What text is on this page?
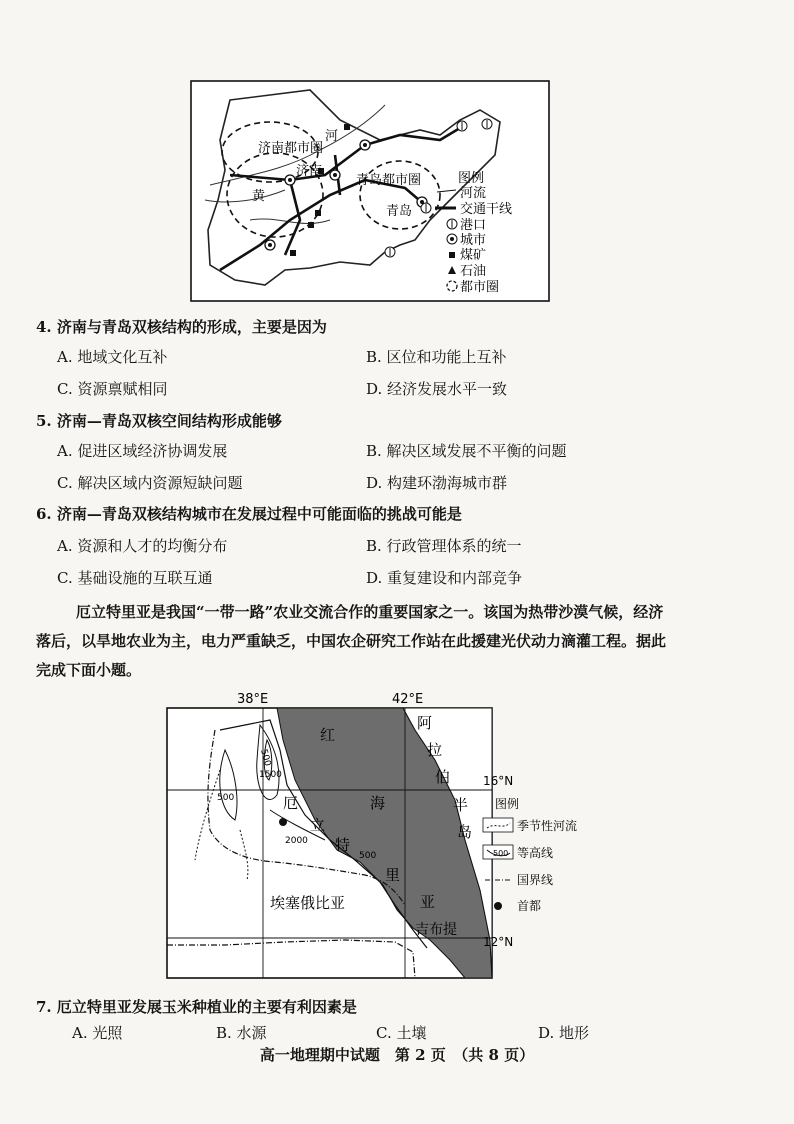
济南都市圈
河
济南
黄
青岛都市圈
青岛
图例
河流
交通干线
港口
城市
煤矿
石油
都市圈
4. 济南与青岛双核结构的形成，主要是因为
A. 地域文化互补	B. 区位和功能上互补
C. 资源禀赋相同	D. 经济发展水平一致
5. 济南—青岛双核空间结构形成能够
A. 促进区域经济协调发展	B. 解决区域发展不平衡的问题
C. 解决区域内资源短缺问题	D. 构建环渤海城市群
6. 济南—青岛双核结构城市在发展过程中可能面临的挑战可能是
A. 资源和人才的均衡分布	B. 行政管理体系的统一
C. 基础设施的互联互通	D. 重复建设和内部竞争

厄立特里亚是我国“一带一路”农业交流合作的重要国家之一。该国为热带沙漠气候，经济

落后，以旱地农业为主，电力严重缺乏，中国农企研究工作站在此援建光伏动力滴灌工程。据此

完成下面小题。

38°E	42°E
500
1500
500
2000
500
红
海
阿
拉
伯
半
岛
厄
立
特
里
亚
埃塞俄比亚
吉布提
16°N
12°N
图例
季节性河流
500 等高线
国界线
首都
7. 厄立特里亚发展玉米种植业的主要有利因素是
A. 光照	B. 水源	C. 土壤	D. 地形
高一地理期中试题　第 2 页　（共 8 页）
